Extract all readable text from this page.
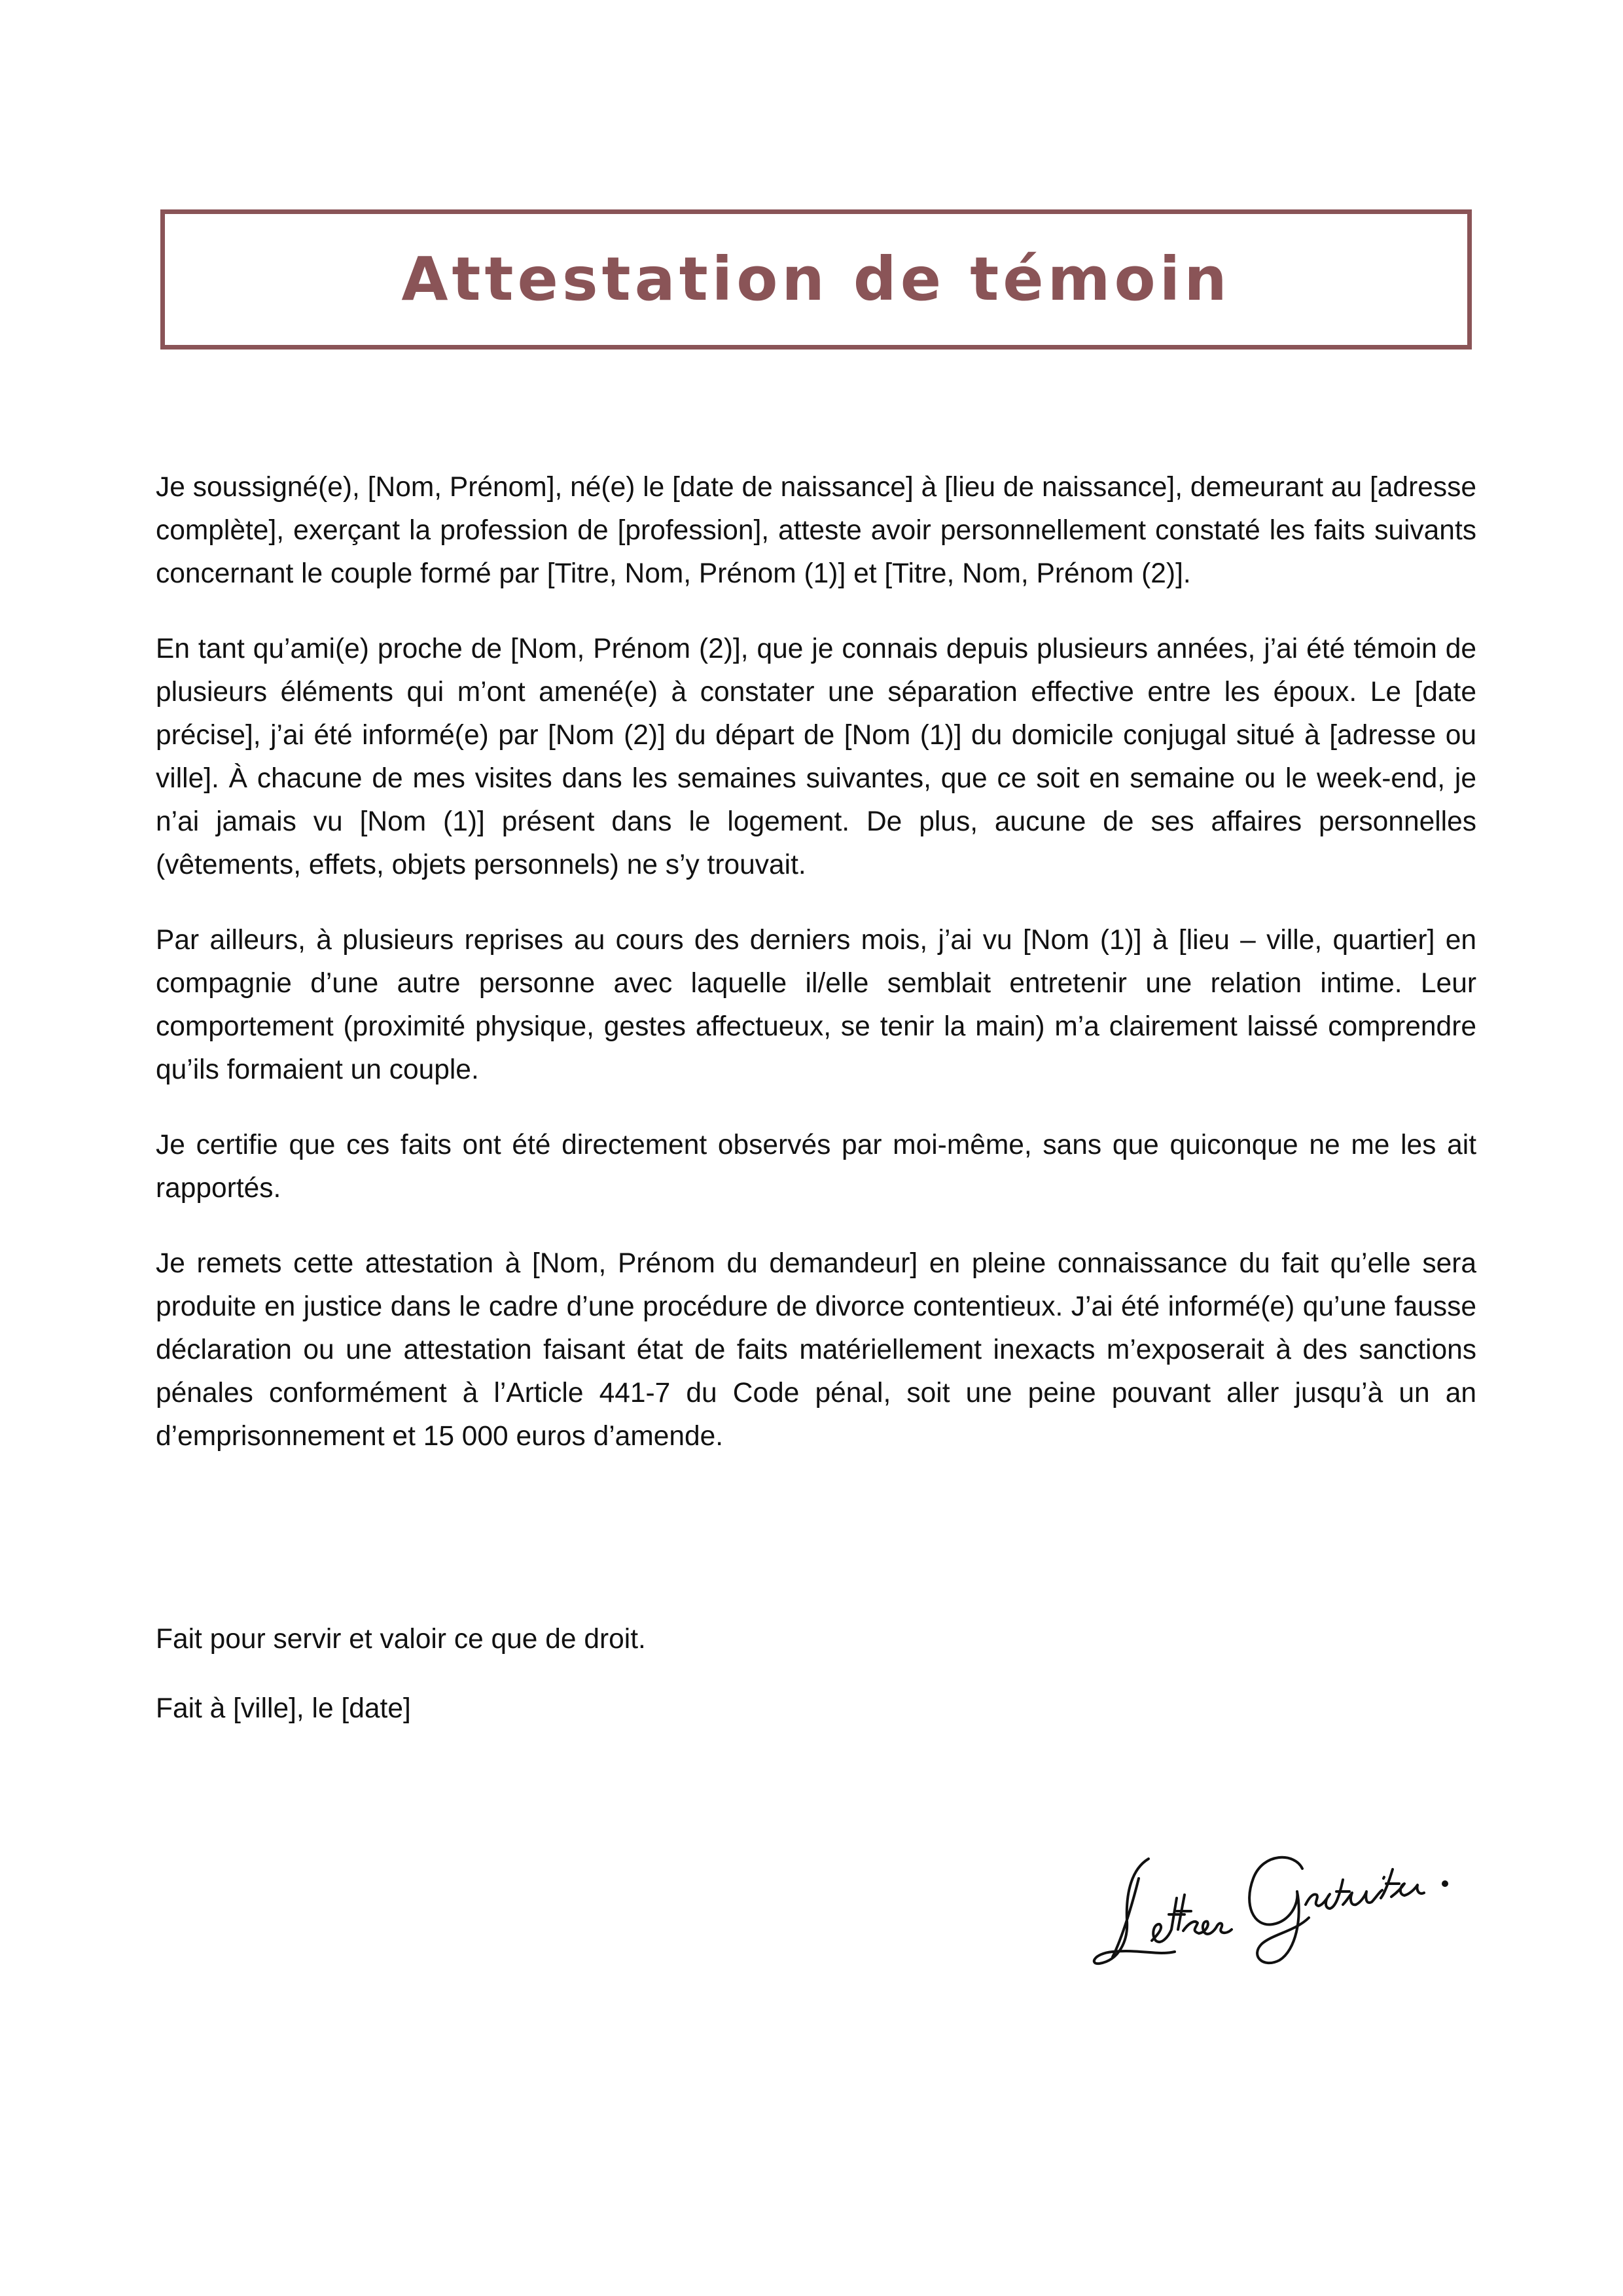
Attestation de témoin

Je soussigné(e), [Nom, Prénom], né(e) le [date de naissance] à [lieu de naissance], demeurant au [adresse complète], exerçant la profession de [profession], atteste avoir personnellement constaté les faits suivants concernant le couple formé par [Titre, Nom, Prénom (1)] et [Titre, Nom, Prénom (2)].

En tant qu’ami(e) proche de [Nom, Prénom (2)], que je connais depuis plusieurs années, j’ai été témoin de plusieurs éléments qui m’ont amené(e) à constater une séparation effective entre les époux. Le [date précise], j’ai été informé(e) par [Nom (2)] du départ de [Nom (1)] du domicile conjugal situé à [adresse ou ville]. À chacune de mes visites dans les semaines suivantes, que ce soit en semaine ou le week-end, je n’ai jamais vu [Nom (1)] présent dans le logement. De plus, aucune de ses affaires personnelles (vêtements, effets, objets personnels) ne s’y trouvait.

Par ailleurs, à plusieurs reprises au cours des derniers mois, j’ai vu [Nom (1)] à [lieu – ville, quartier] en compagnie d’une autre personne avec laquelle il/elle semblait entretenir une relation intime. Leur comportement (proximité physique, gestes affectueux, se tenir la main) m’a clairement laissé comprendre qu’ils formaient un couple.

Je certifie que ces faits ont été directement observés par moi-même, sans que quiconque ne me les ait rapportés.

Je remets cette attestation à [Nom, Prénom du demandeur] en pleine connaissance du fait qu’elle sera produite en justice dans le cadre d’une procédure de divorce contentieux. J’ai été informé(e) qu’une fausse déclaration ou une attestation faisant état de faits matériellement inexacts m’exposerait à des sanctions pénales conformément à l’Article 441-7 du Code pénal, soit une peine pouvant aller jusqu’à un an d’emprisonnement et 15 000 euros d’amende.

Fait pour servir et valoir ce que de droit.

Fait à [ville], le [date]
